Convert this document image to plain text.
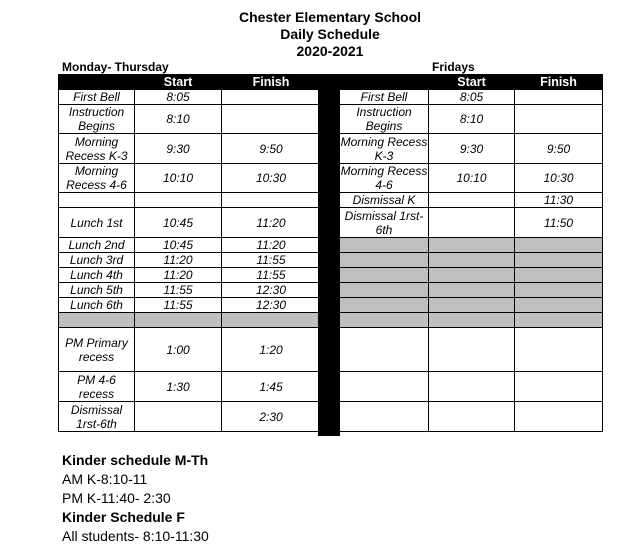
Chester Elementary School
Daily Schedule
2020-2021
Monday- Thursday	Fridays
	Start	Finish
First Bell	8:05	
Instruction Begins	8:10	
Morning Recess K-3	9:30	9:50
Morning Recess 4-6	10:10	10:30

Lunch 1st	10:45	11:20
Lunch 2nd	10:45	11:20
Lunch 3rd	11:20	11:55
Lunch 4th	11:20	11:55
Lunch 5th	11:55	12:30
Lunch 6th	11:55	12:30

PM Primary recess	1:00	1:20
PM 4-6 recess	1:30	1:45
Dismissal 1rst-6th		2:30
	Start	Finish
First Bell	8:05	
Instruction Begins	8:10	
Morning Recess K-3	9:30	9:50
Morning Recess 4-6	10:10	10:30
Dismissal K		11:30
Dismissal 1rst-6th		11:50

Kinder schedule M-Th
AM K-8:10-11
PM K-11:40- 2:30
Kinder Schedule F
All students- 8:10-11:30
